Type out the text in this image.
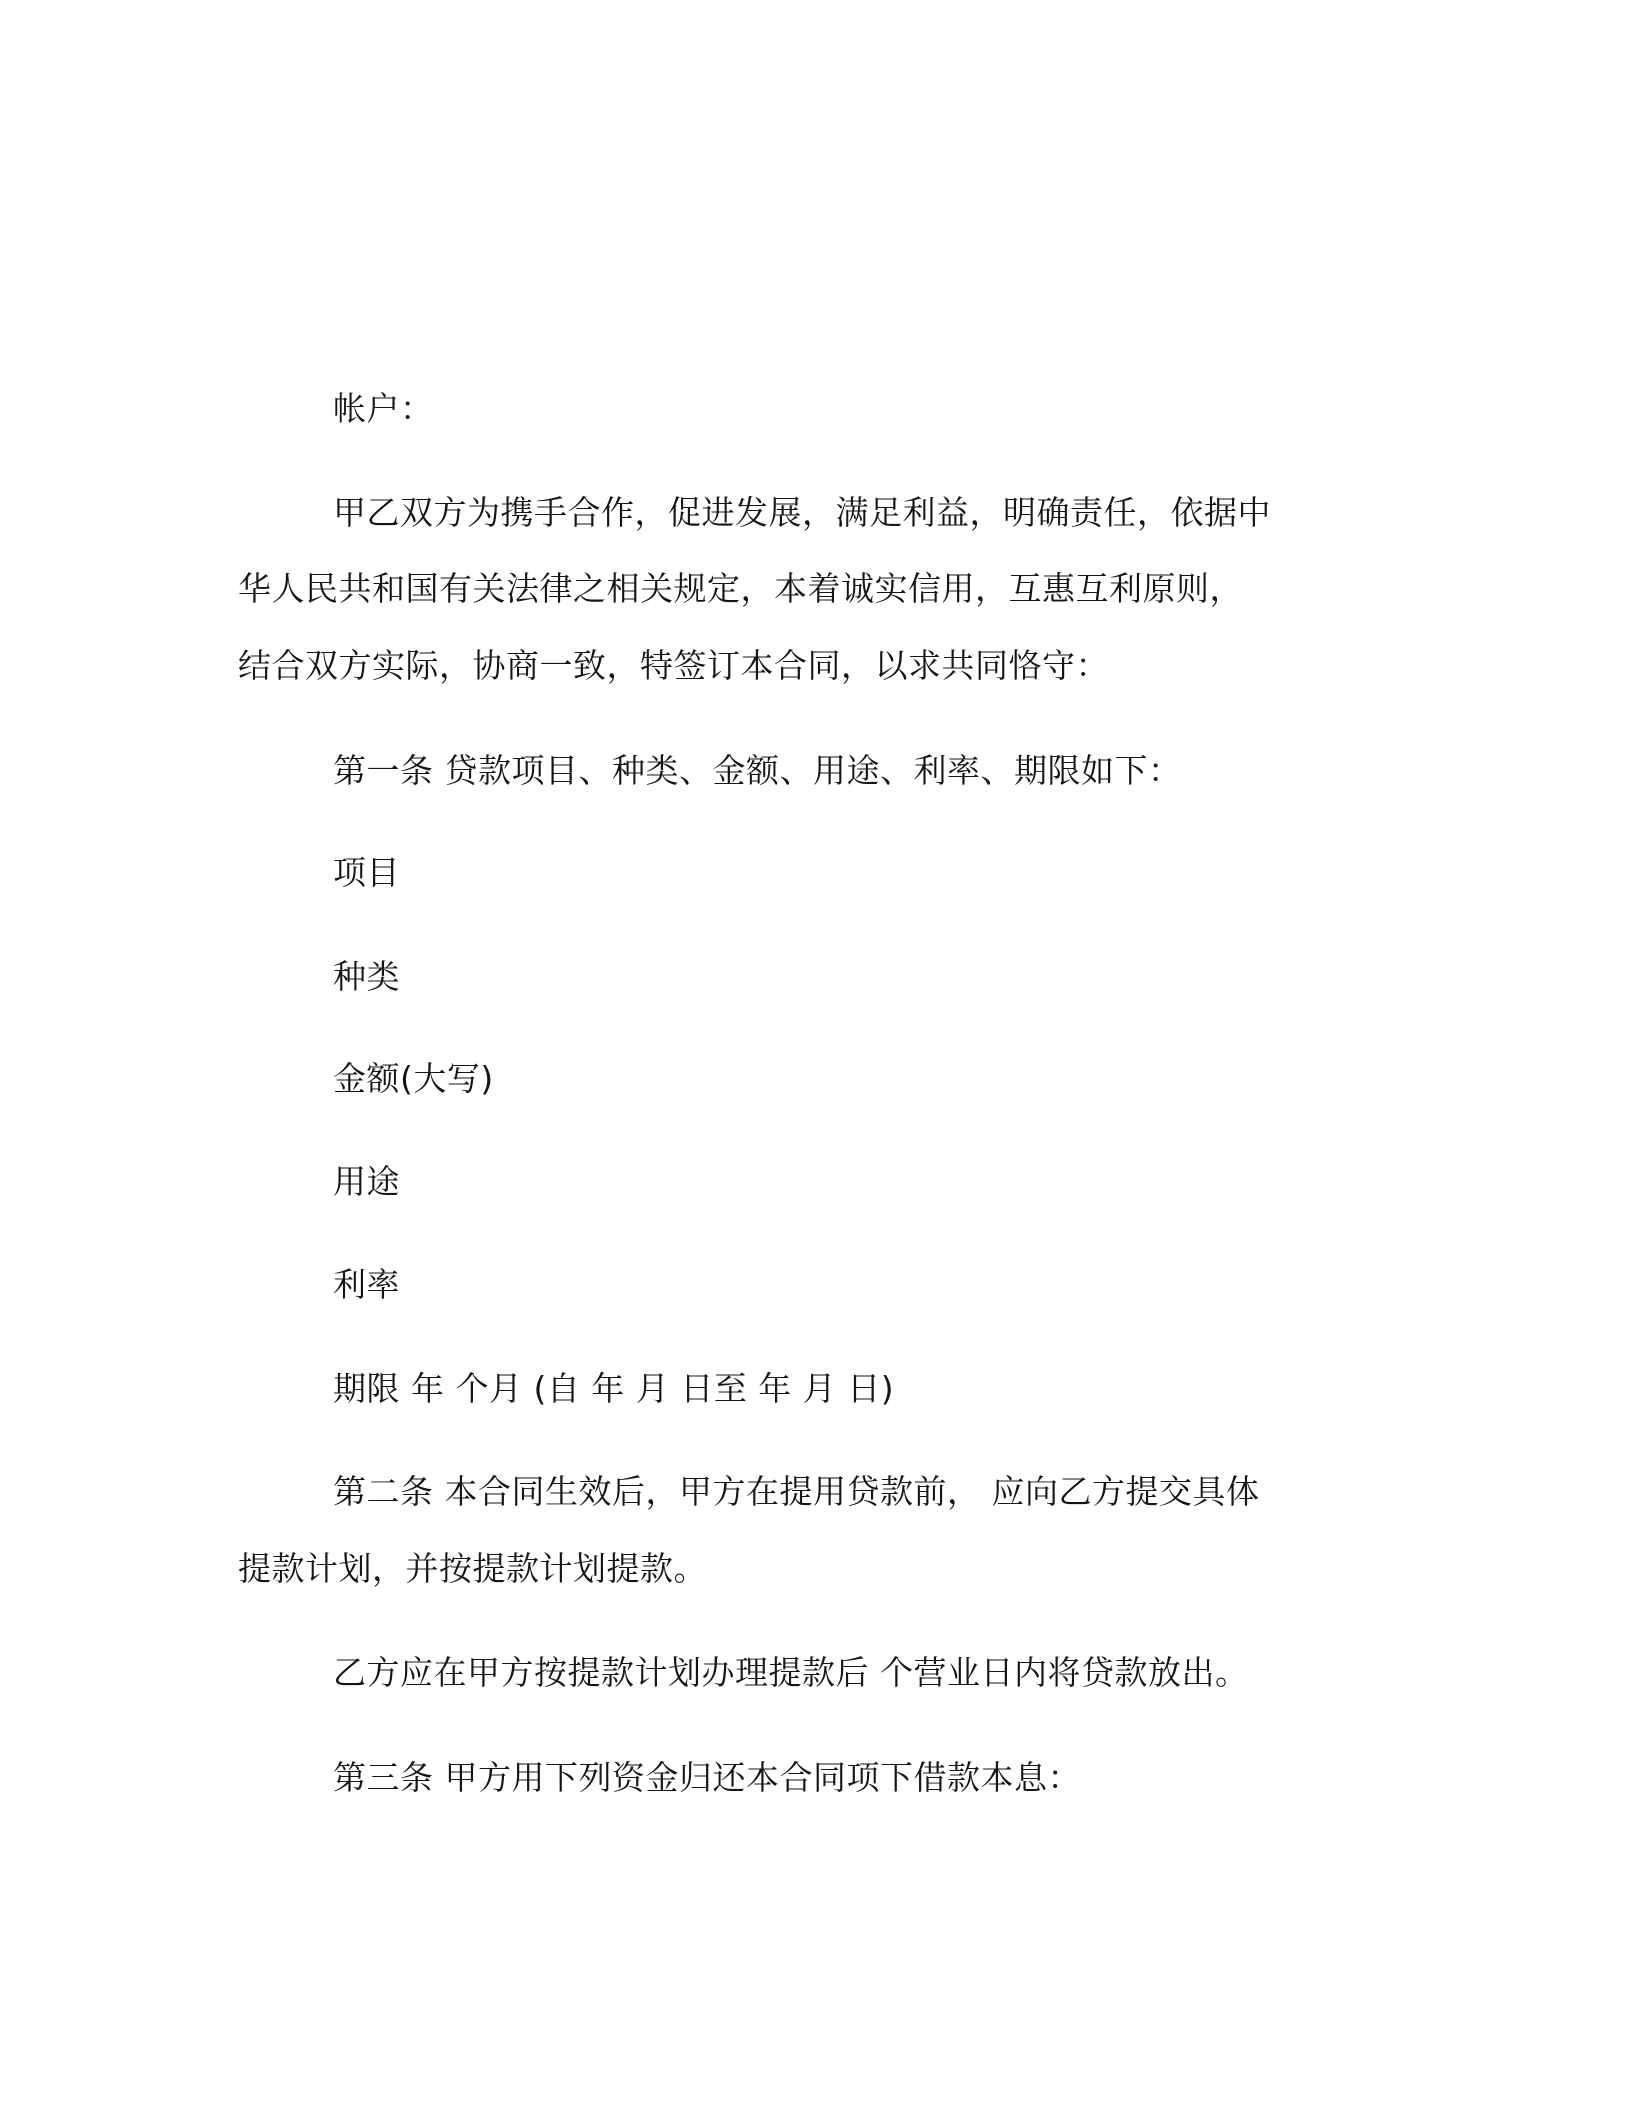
帐户：
甲乙双方为携手合作，促进发展，满足利益，明确责任，依据中
华人民共和国有关法律之相关规定，本着诚实信用，互惠互利原则，
结合双方实际，协商一致，特签订本合同，以求共同恪守：
第一条 贷款项目、种类、金额、用途、利率、期限如下：
项目
种类
金额(大写)
用途
利率
期限 年 个月 (自 年 月 日至 年 月 日)
第二条 本合同生效后，甲方在提用贷款前， 应向乙方提交具体
提款计划，并按提款计划提款。
乙方应在甲方按提款计划办理提款后 个营业日内将贷款放出。
第三条 甲方用下列资金归还本合同项下借款本息：
